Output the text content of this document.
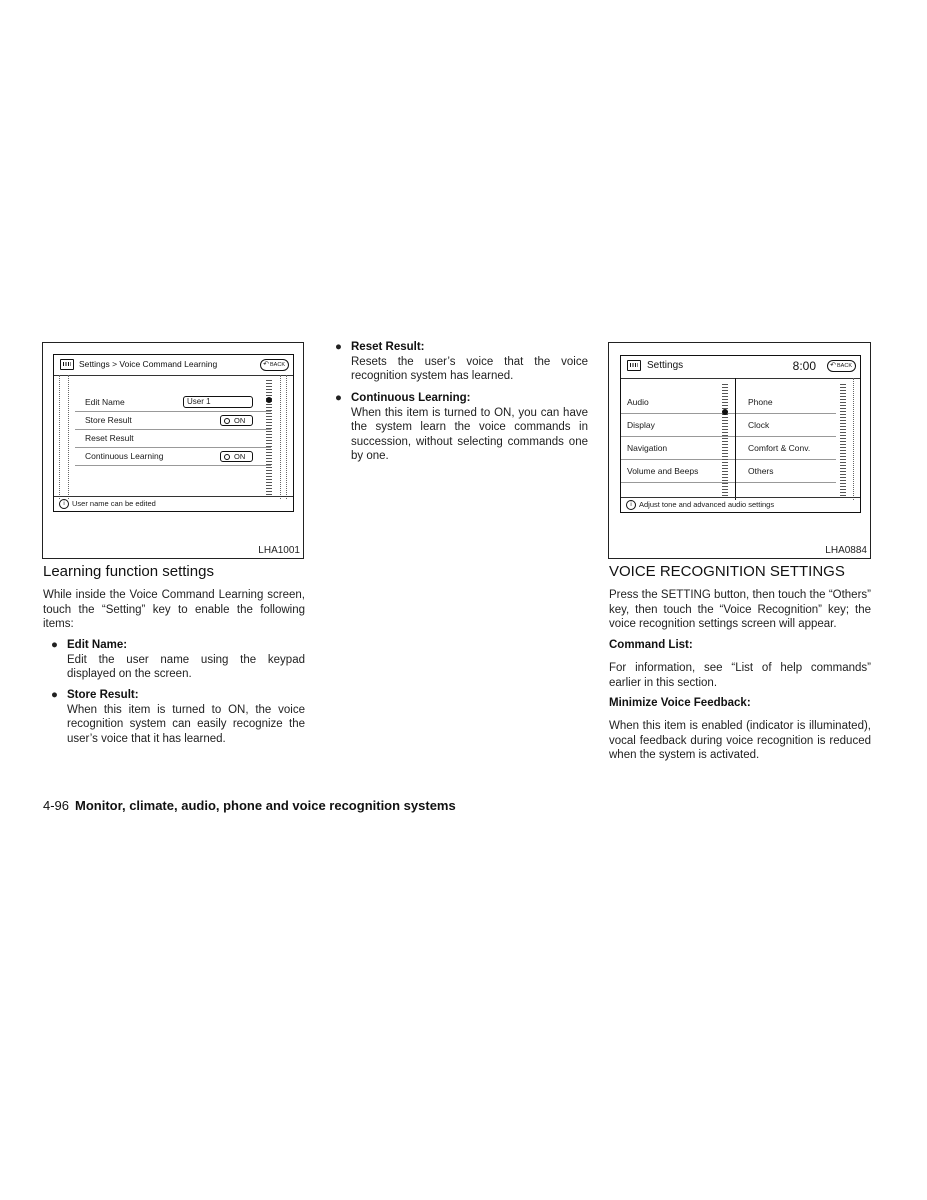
Settings > Voice Command Learning	↶BACK
Edit Name	User 1
Store Result	ON
Reset Result
Continuous Learning	ON
i User name can be edited
LHA1001
Settings	8:00	↶BACK
Audio
Display
Navigation
Volume and Beeps
Phone
Clock
Comfort & Conv.
Others
i Adjust tone and advanced audio settings
LHA0884
Learning function settings
While inside the Voice Command Learning screen, touch the “Setting” key to enable the following items:
● Edit Name:
Edit the user name using the keypad displayed on the screen.
● Store Result:
When this item is turned to ON, the voice recognition system can easily recognize the user’s voice that it has learned.
● Reset Result:
Resets the user’s voice that the voice recognition system has learned.
● Continuous Learning:
When this item is turned to ON, you can have the system learn the voice commands in succession, without selecting commands one by one.
VOICE RECOGNITION SETTINGS
Press the SETTING button, then touch the “Others” key, then touch the “Voice Recognition” key; the voice recognition settings screen will appear.
Command List:
For information, see “List of help commands” earlier in this section.
Minimize Voice Feedback:
When this item is enabled (indicator is illuminated), vocal feedback during voice recognition is reduced when the system is activated.
4-96 Monitor, climate, audio, phone and voice recognition systems
